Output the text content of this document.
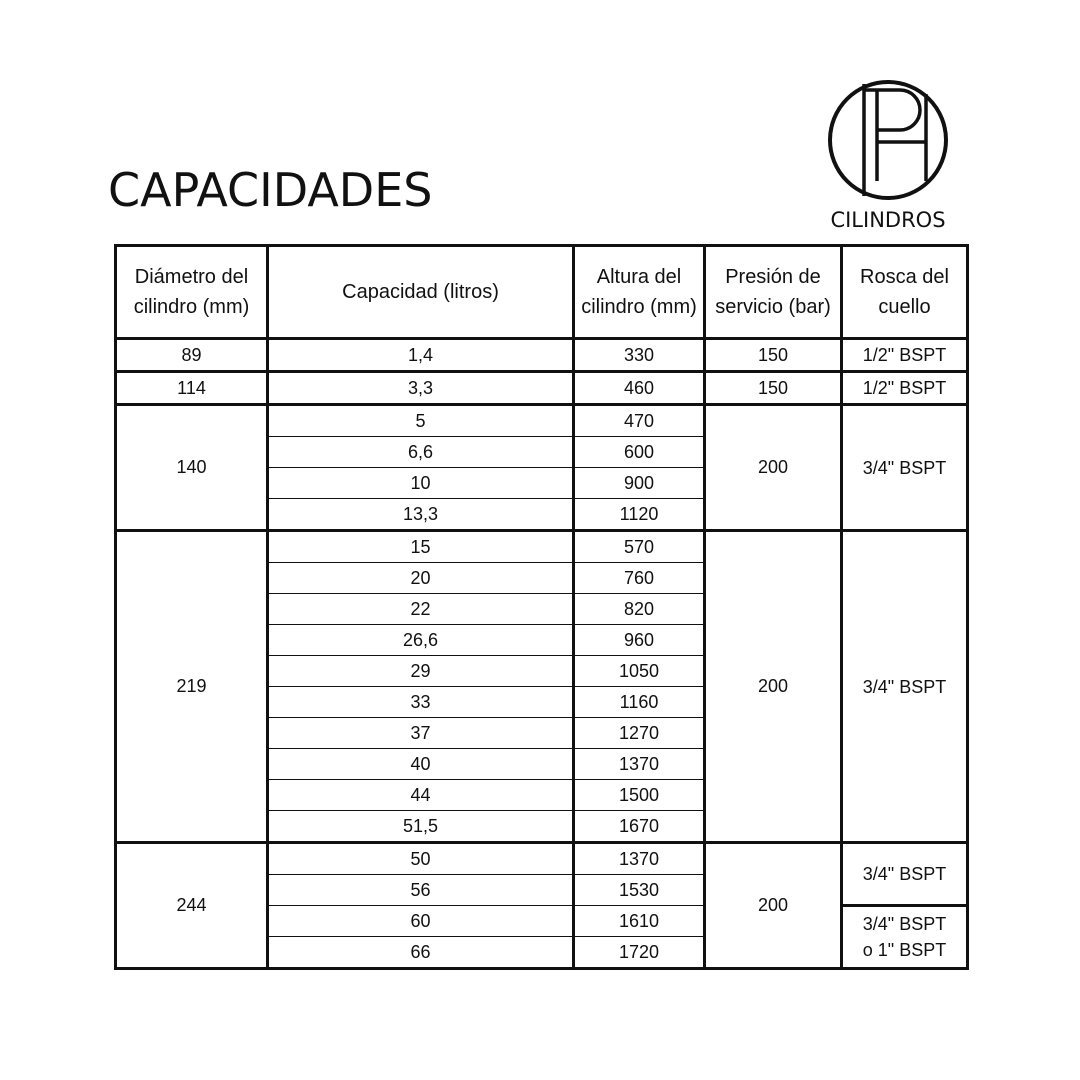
CAPACIDADES
CILINDROS
Diámetro del cilindro (mm)	Capacidad (litros)	Altura del cilindro (mm)	Presión de servicio (bar)	Rosca del cuello
89	1,4	330	150	1/2" BSPT
114	3,3	460	150	1/2" BSPT
140	5	470	200	3/4" BSPT
	6,6	600		
	10	900		
	13,3	1120		
219	15	570	200	3/4" BSPT
	20	760		
	22	820		
	26,6	960		
	29	1050		
	33	1160		
	37	1270		
	40	1370		
	44	1500		
	51,5	1670		
244	50	1370	200	3/4" BSPT
	56	1530		
	60	1610		3/4" BSPT
o 1" BSPT
	66	1720		
